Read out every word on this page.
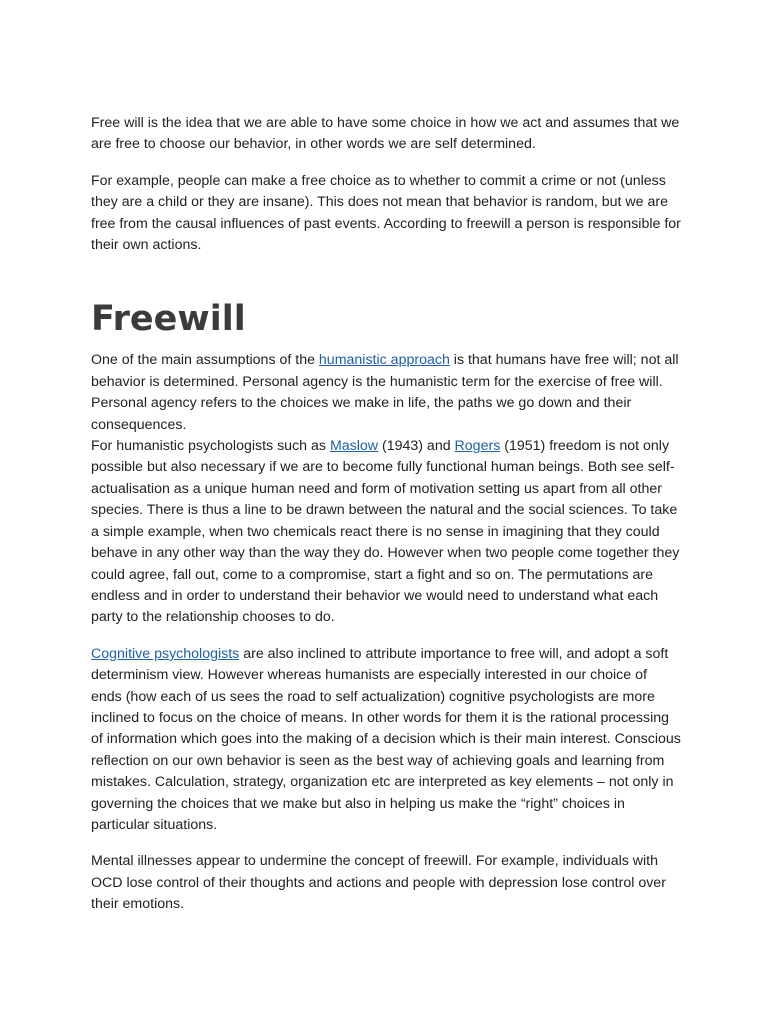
Free will is the idea that we are able to have some choice in how we act and assumes that we are free to choose our behavior, in other words we are self determined.

For example, people can make a free choice as to whether to commit a crime or not (unless they are a child or they are insane). This does not mean that behavior is random, but we are free from the causal influences of past events. According to freewill a person is responsible for their own actions.

Freewill

One of the main assumptions of the humanistic approach is that humans have free will; not all behavior is determined. Personal agency is the humanistic term for the exercise of free will. Personal agency refers to the choices we make in life, the paths we go down and their consequences.
For humanistic psychologists such as Maslow (1943) and Rogers (1951) freedom is not only possible but also necessary if we are to become fully functional human beings. Both see self-actualisation as a unique human need and form of motivation setting us apart from all other species. There is thus a line to be drawn between the natural and the social sciences. To take a simple example, when two chemicals react there is no sense in imagining that they could behave in any other way than the way they do. However when two people come together they could agree, fall out, come to a compromise, start a fight and so on. The permutations are endless and in order to understand their behavior we would need to understand what each party to the relationship chooses to do.

Cognitive psychologists are also inclined to attribute importance to free will, and adopt a soft determinism view. However whereas humanists are especially interested in our choice of ends (how each of us sees the road to self actualization) cognitive psychologists are more inclined to focus on the choice of means. In other words for them it is the rational processing of information which goes into the making of a decision which is their main interest. Conscious reflection on our own behavior is seen as the best way of achieving goals and learning from mistakes. Calculation, strategy, organization etc are interpreted as key elements – not only in governing the choices that we make but also in helping us make the “right” choices in particular situations.

Mental illnesses appear to undermine the concept of freewill. For example, individuals with OCD lose control of their thoughts and actions and people with depression lose control over their emotions.
